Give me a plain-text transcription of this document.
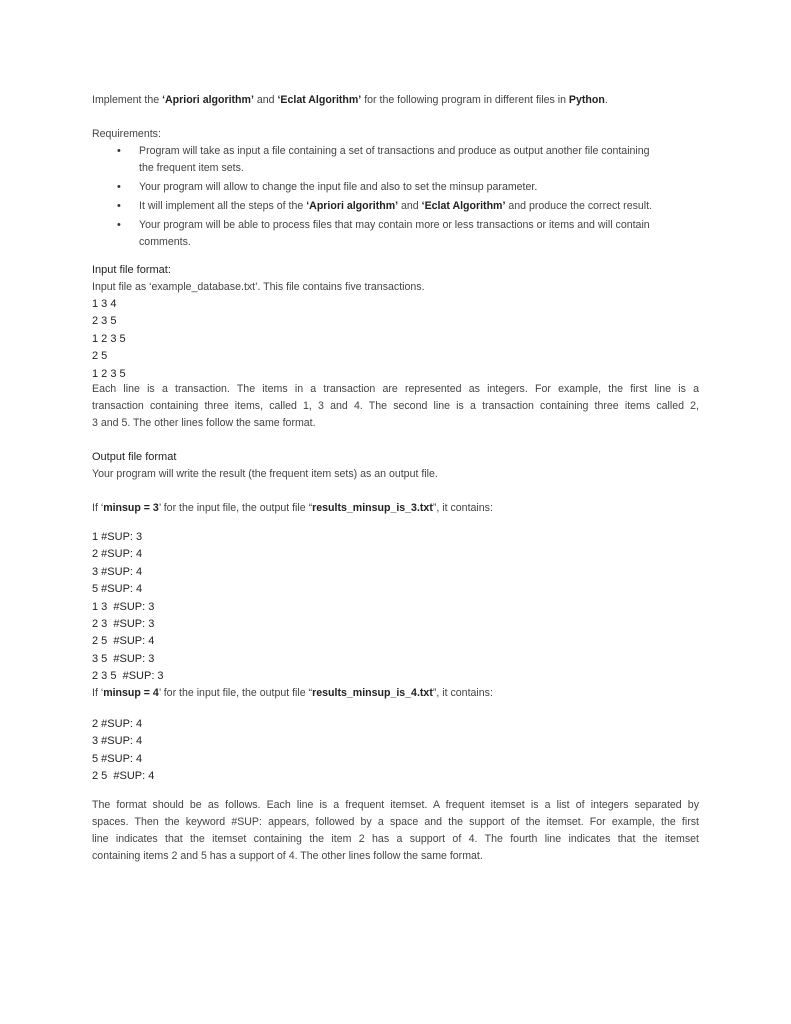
Implement the ‘Apriori algorithm’ and ‘Eclat Algorithm’ for the following program in different files in Python.
Requirements:
• Program will take as input a file containing a set of transactions and produce as output another file containing
the frequent item sets.
• Your program will allow to change the input file and also to set the minsup parameter.
• It will implement all the steps of the ‘Apriori algorithm’ and ‘Eclat Algorithm’ and produce the correct result.
• Your program will be able to process files that may contain more or less transactions or items and will contain
comments.
Input file format:
Input file as ‘example_database.txt’. This file contains five transactions.
1 3 4
2 3 5
1 2 3 5
2 5
1 2 3 5
Each line is a transaction. The items in a transaction are represented as integers. For example, the first line is a
transaction containing three items, called 1, 3 and 4. The second line is a transaction containing three items called 2,
3 and 5. The other lines follow the same format.
Output file format
Your program will write the result (the frequent item sets) as an output file.
If ‘minsup = 3’ for the input file, the output file “results_minsup_is_3.txt”, it contains:
1 #SUP: 3
2 #SUP: 4
3 #SUP: 4
5 #SUP: 4
1 3  #SUP: 3
2 3  #SUP: 3
2 5  #SUP: 4
3 5  #SUP: 3
2 3 5  #SUP: 3
If ‘minsup = 4’ for the input file, the output file “results_minsup_is_4.txt”, it contains:
2 #SUP: 4
3 #SUP: 4
5 #SUP: 4
2 5  #SUP: 4
The format should be as follows. Each line is a frequent itemset. A frequent itemset is a list of integers separated by
spaces. Then the keyword #SUP: appears, followed by a space and the support of the itemset. For example, the first
line indicates that the itemset containing the item 2 has a support of 4. The fourth line indicates that the itemset
containing items 2 and 5 has a support of 4. The other lines follow the same format.
